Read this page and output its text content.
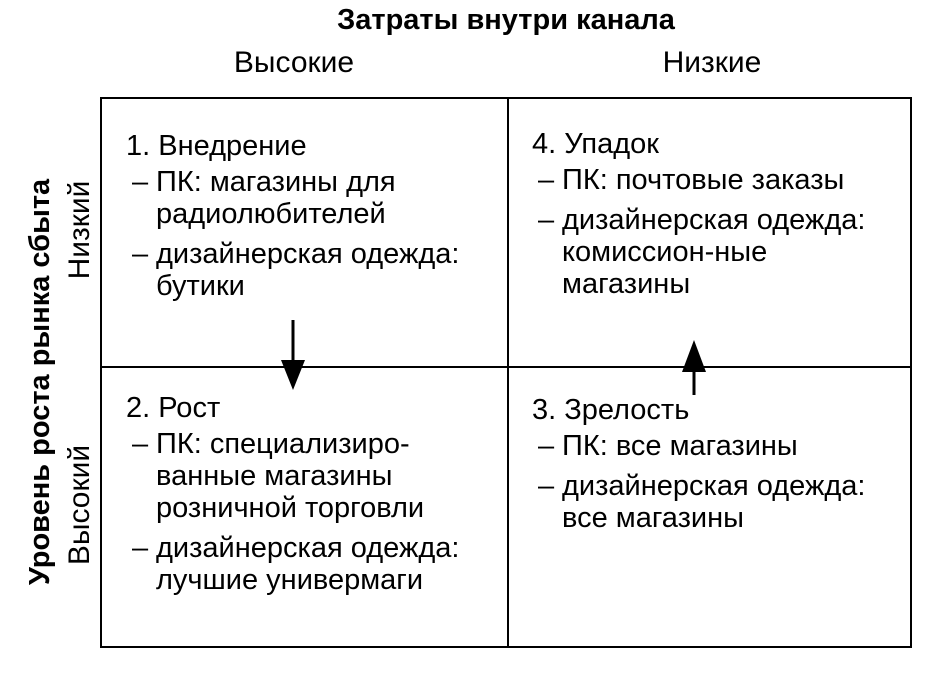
Затраты внутри канала
Высокие	Низкие
Уровень роста рынка сбыта Низкий
Высокий
1. Внедрение
– ПК: магазины для радиолюбителей
– дизайнерская одежда: бутики
4. Упадок
– ПК: почтовые заказы
– дизайнерская одежда: комиссион-ные магазины
2. Рост
– ПК: специализиро-ванные магазины розничной торговли
– дизайнерская одежда: лучшие универмаги
3. Зрелость
– ПК: все магазины
– дизайнерская одежда: все магазины
